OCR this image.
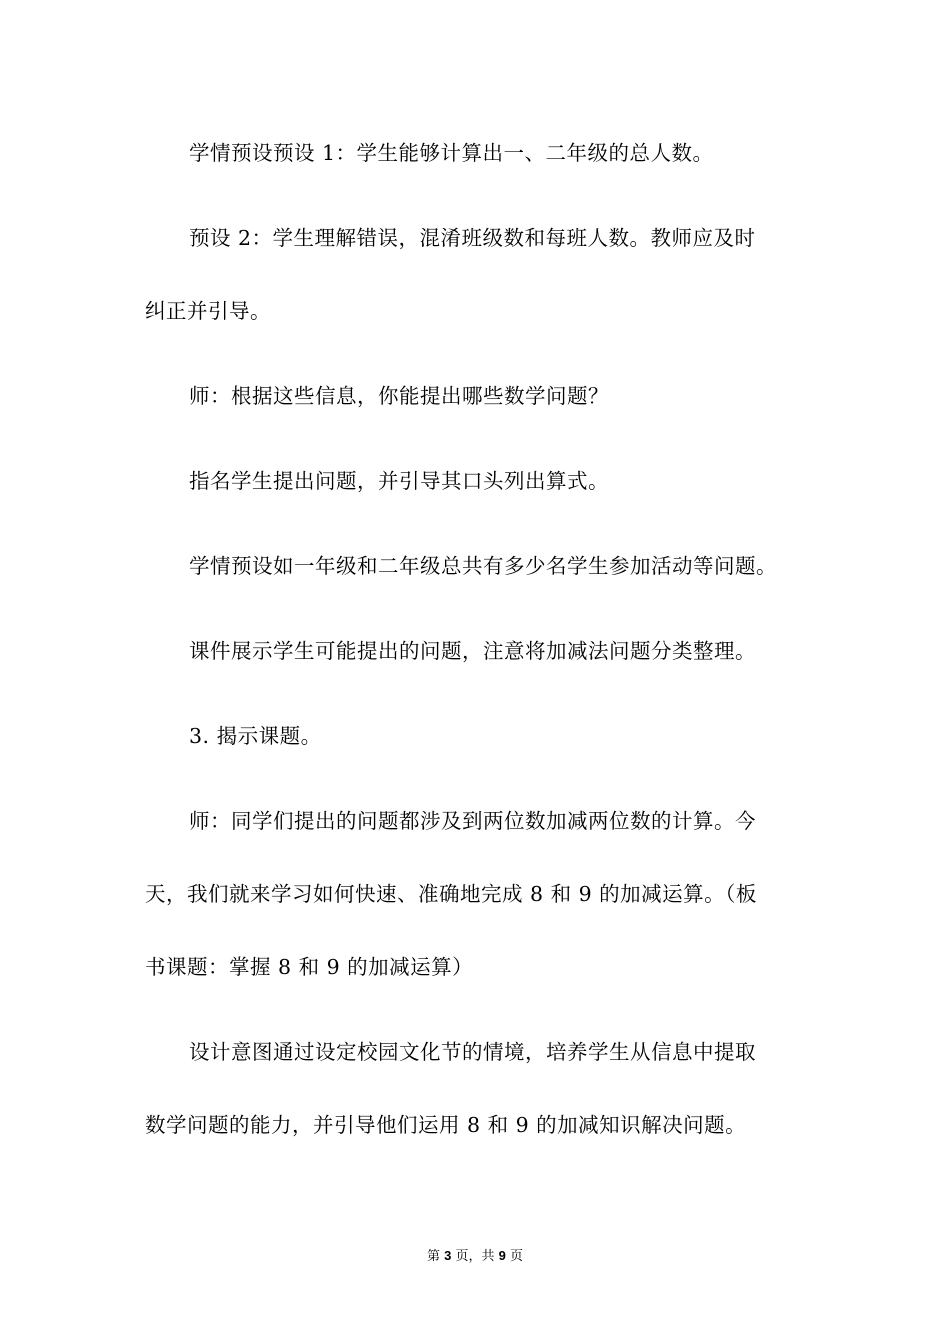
学情预设预设 1：学生能够计算出一、二年级的总人数。
预设 2：学生理解错误，混淆班级数和每班人数。教师应及时
纠正并引导。
师：根据这些信息，你能提出哪些数学问题？
指名学生提出问题，并引导其口头列出算式。
学情预设如一年级和二年级总共有多少名学生参加活动等问题。
课件展示学生可能提出的问题，注意将加减法问题分类整理。
3. 揭示课题。
师：同学们提出的问题都涉及到两位数加减两位数的计算。今
天，我们就来学习如何快速、准确地完成 8 和 9 的加减运算。（板
书课题：掌握 8 和 9 的加减运算）
设计意图通过设定校园文化节的情境，培养学生从信息中提取
数学问题的能力，并引导他们运用 8 和 9 的加减知识解决问题。
第 3 页，共 9 页
